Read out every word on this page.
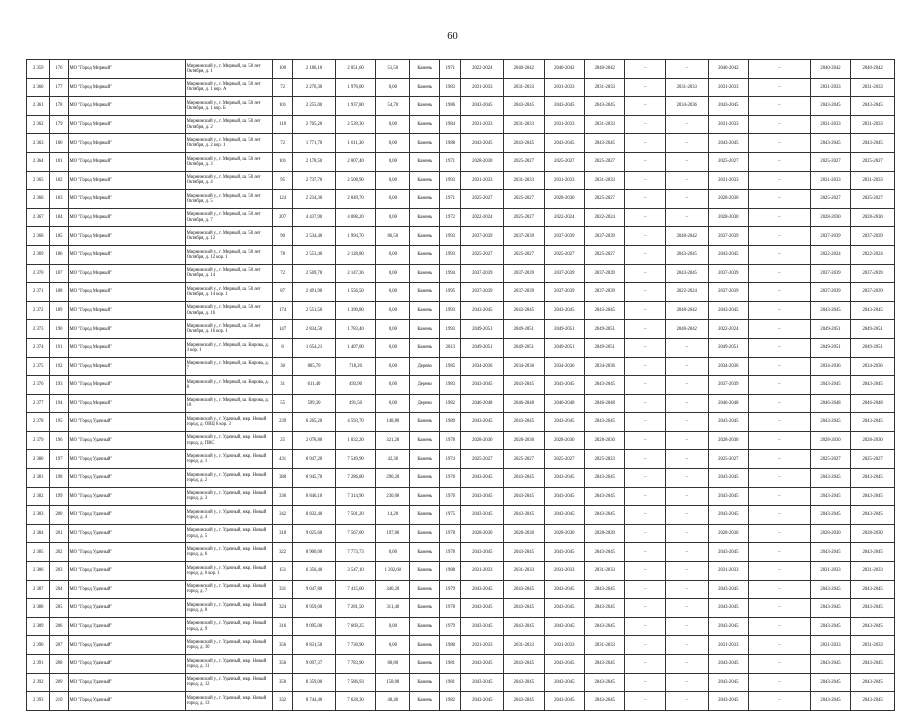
60
2 359	176	МО "Город Мирный"	Мирнинский у., г. Мирный, ш. 50 лет Октября, д. 1	100	2 186,10	2 051,60	51,50	Камень	1971	2022-2024	2040-2042	2040-2042	2040-2042	–	–	2040-2042	–	2040-2042	2040-2042
2 360	177	МО "Город Мирный"	Мирнинский у., г. Мирный, ш. 50 лет Октября, д. 1 кор. А	72	2 276,30	1 976,00	0,00	Камень	1983	2031-2033	2031-2033	2031-2033	2031-2033	–	2031-2033	2031-2033	–	2031-2033	2031-2033
2 361	178	МО "Город Мирный"	Мирнинский у., г. Мирный, ш. 50 лет Октября, д. 1 кор. Б	101	2 255,00	1 937,80	54,70	Камень	1986	2043-2045	2043-2045	2043-2045	2043-2045	–	2034-2036	2043-2045	–	2043-2045	2043-2045
2 362	179	МО "Город Мирный"	Мирнинский у., г. Мирный, ш. 50 лет Октября, д. 2	118	2 765,20	2 539,30	0,00	Камень	1984	2031-2033	2031-2033	2031-2033	2031-2033	–	–	2031-2033	–	2031-2033	2031-2033
2 363	180	МО "Город Мирный"	Мирнинский у., г. Мирный, ш. 50 лет Октября, д. 2 кор. 1	72	1 771,70	1 611,30	0,00	Камень	1988	2043-2045	2043-2045	2043-2045	2043-2045	–	–	2043-2045	–	2043-2045	2043-2045
2 364	181	МО "Город Мирный"	Мирнинский у., г. Мирный, ш. 50 лет Октября, д. 3	101	2 178,50	2 007,40	0,00	Камень	1971	2028-2030	2025-2027	2025-2027	2025-2027	–	–	2025-2027	–	2025-2027	2025-2027
2 365	182	МО "Город Мирный"	Мирнинский у., г. Мирный, ш. 50 лет Октября, д. 4	95	2 737,70	2 508,90	0,00	Камень	1993	2031-2033	2031-2033	2031-2033	2031-2033	–	–	2031-2033	–	2031-2033	2031-2033
2 366	183	МО "Город Мирный"	Мирнинский у., г. Мирный, ш. 50 лет Октября, д. 5	124	2 234,30	2 049,70	0,00	Камень	1971	2025-2027	2025-2027	2028-2030	2025-2027	–	–	2028-2030	–	2025-2027	2025-2027
2 367	184	МО "Город Мирный"	Мирнинский у., г. Мирный, ш. 50 лет Октября, д. 7	207	4 437,90	4 088,20	0,00	Камень	1972	2022-2024	2025-2027	2022-2024	2022-2024	–	–	2028-2030	–	2028-2030	2028-2030
2 368	185	МО "Город Мирный"	Мирнинский у., г. Мирный, ш. 50 лет Октября, д. 12	90	2 534,40	1 994,70	86,50	Камень	1993	2037-2039	2037-2039	2037-2039	2037-2039	–	2040-2042	2037-2039	–	2037-2039	2037-2039
2 369	186	МО "Город Мирный"	Мирнинский у., г. Мирный, ш. 50 лет Октября, д. 12 кор. 1	78	2 553,40	2 128,80	0,00	Камень	1993	2025-2027	2025-2027	2025-2027	2025-2027	–	2043-2045	2043-2045	–	2022-2024	2022-2024
2 370	187	МО "Город Мирный"	Мирнинский у., г. Мирный, ш. 50 лет Октября, д. 14	72	2 569,78	2 147,36	0,00	Камень	1994	2037-2039	2037-2039	2037-2039	2037-2039	–	2043-2045	2037-2039	–	2037-2039	2037-2039
2 371	188	МО "Город Мирный"	Мирнинский у., г. Мирный, ш. 50 лет Октября, д. 14 кор. 1	87	2 491,90	1 556,50	0,00	Камень	1995	2037-2039	2037-2039	2037-2039	2037-2039	–	2022-2024	2037-2039	–	2037-2039	2037-2039
2 372	189	МО "Город Мирный"	Мирнинский у., г. Мирный, ш. 50 лет Октября, д. 16	174	2 551,50	1 390,80	0,00	Камень	1993	2043-2045	2043-2045	2043-2045	2043-2045	–	2040-2042	2043-2045	–	2043-2045	2043-2045
2 373	190	МО "Город Мирный"	Мирнинский у., г. Мирный, ш. 50 лет Октября, д. 16 кор. 1	147	2 834,50	1 783,40	0,00	Камень	1993	2049-2051	2049-2051	2049-2051	2049-2051	–	2040-2042	2022-2024	–	2049-2051	2049-2051
2 374	191	МО "Город Мирный"	Мирнинский у., г. Мирный, ш. Кирова, д. 3 кор. 1	8	1 654,21	1 407,00	0,00	Камень	2013	2049-2051	2049-2051	2049-2051	2049-2051	–	–	2049-2051	–	2049-2051	2049-2051
2 375	192	МО "Город Мирный"	Мирнинский у., г. Мирный, ш. Кирова, д. 7	30	805,70	718,20	0,00	Дерево	1985	2034-2036	2034-2036	2034-2036	2034-2036	–	–	2034-2036	–	2034-2036	2034-2036
2 376	193	МО "Город Мирный"	Мирнинский у., г. Мирный, ш. Кирова, д. 8	31	611,40	493,90	0,00	Дерево	1983	2043-2045	2043-2045	2043-2045	2043-2045	–	–	2037-2039	–	2043-2045	2043-2045
2 377	194	МО "Город Мирный"	Мирнинский у., г. Мирный, ш. Кирова, д. 18	55	599,30	491,50	0,00	Дерево	1982	2046-2048	2046-2048	2046-2048	2046-2048	–	–	2046-2048	–	2046-2048	2046-2048
2 378	195	МО "Город Удачный"	Мирнинский у., г. Удачный, мкр. Новый город, д. ОВЦ 6 кор. 3	239	6 265,20	4 593,70	148,80	Камень	1989	2043-2045	2043-2045	2043-2045	2043-2045	–	–	2043-2045	–	2043-2045	2043-2045
2 379	196	МО "Город Удачный"	Мирнинский у., г. Удачный, мкр. Новый город, д. ПВС	25	2 078,80	1 032,20	321,20	Камень	1978	2028-2030	2028-2030	2028-2030	2028-2030	–	–	2028-2030	–	2028-2030	2028-2030
2 380	197	МО "Город Удачный"	Мирнинский у., г. Удачный, мкр. Новый город, д. 1	431	8 947,20	7 549,90	42,30	Камень	1974	2025-2027	2025-2027	2025-2027	2025-2023	–	–	2025-2027	–	2025-2027	2025-2027
2 381	198	МО "Город Удачный"	Мирнинский у., г. Удачный, мкр. Новый город, д. 2	380	8 945,70	7 286,80	290,20	Камень	1976	2043-2045	2043-2045	2043-2045	2043-2045	–	–	2043-2045	–	2043-2045	2043-2045
2 382	199	МО "Город Удачный"	Мирнинский у., г. Удачный, мкр. Новый город, д. 3	336	8 846,10	7 314,90	230,00	Камень	1976	2043-2045	2043-2045	2043-2045	2043-2045	–	–	2043-2045	–	2043-2045	2043-2045
2 383	200	МО "Город Удачный"	Мирнинский у., г. Удачный, мкр. Новый город, д. 4	342	8 832,40	7 501,20	14,20	Камень	1975	2043-2045	2043-2045	2043-2045	2043-2045	–	–	2043-2045	–	2043-2045	2043-2045
2 384	201	МО "Город Удачный"	Мирнинский у., г. Удачный, мкр. Новый город, д. 5	318	9 025,60	7 567,00	197,00	Камень	1978	2028-2030	2028-2030	2028-2030	2028-2039	–	–	2028-2030	–	2028-2030	2028-2030
2 385	202	МО "Город Удачный"	Мирнинский у., г. Удачный, мкр. Новый город, д. 6	322	8 900,00	7 773,73	0,00	Камень	1978	2043-2045	2043-2045	2043-2045	2043-2045	–	–	2043-2045	–	2043-2045	2043-2045
2 386	203	МО "Город Удачный"	Мирнинский у., г. Удачный, мкр. Новый город, д. 6 кор. 1	151	6 356,40	3 547,10	1 202,60	Камень	1988	2031-2033	2031-2033	2031-2033	2031-2033	–	–	2031-2033	–	2031-2033	2031-2033
2 387	204	МО "Город Удачный"	Мирнинский у., г. Удачный, мкр. Новый город, д. 7	331	9 047,80	7 415,60	340,20	Камень	1979	2043-2045	2043-2045	2043-2045	2043-2045	–	–	2043-2045	–	2043-2045	2043-2045
2 388	205	МО "Город Удачный"	Мирнинский у., г. Удачный, мкр. Новый город, д. 8	324	8 959,00	7 281,50	311,40	Камень	1978	2043-2045	2043-2045	2043-2045	2043-2045	–	–	2043-2045	–	2043-2045	2043-2045
2 389	206	МО "Город Удачный"	Мирнинский у., г. Удачный, мкр. Новый город, д. 9	316	9 095,00	7 669,25	0,00	Камень	1979	2043-2045	2043-2045	2043-2045	2043-2045	–	–	2043-2045	–	2043-2045	2043-2045
2 390	207	МО "Город Удачный"	Мирнинский у., г. Удачный, мкр. Новый город, д. 10	356	8 831,50	7 730,90	0,00	Камень	1980	2031-2033	2031-2033	2031-2033	2031-2033	–	–	2031-2033	–	2031-2033	2031-2033
2 391	208	МО "Город Удачный"	Мирнинский у., г. Удачный, мкр. Новый город, д. 11	356	9 097,37	7 783,90	80,80	Камень	1981	2043-2045	2043-2045	2043-2045	2043-2045	–	–	2043-2045	–	2043-2045	2043-2045
2 392	209	МО "Город Удачный"	Мирнинский у., г. Удачный, мкр. Новый город, д. 12	350	8 359,00	7 586,93	158,00	Камень	1981	2043-2045	2043-2045	2043-2045	2043-2045	–	–	2043-2045	–	2043-2045	2043-2045
2 393	210	МО "Город Удачный"	Мирнинский у., г. Удачный, мкр. Новый город, д. 13	332	8 744,40	7 628,30	40,40	Камень	1982	2043-2045	2043-2045	2043-2045	2043-2045	–	–	2043-2045	–	2043-2045	2043-2045
